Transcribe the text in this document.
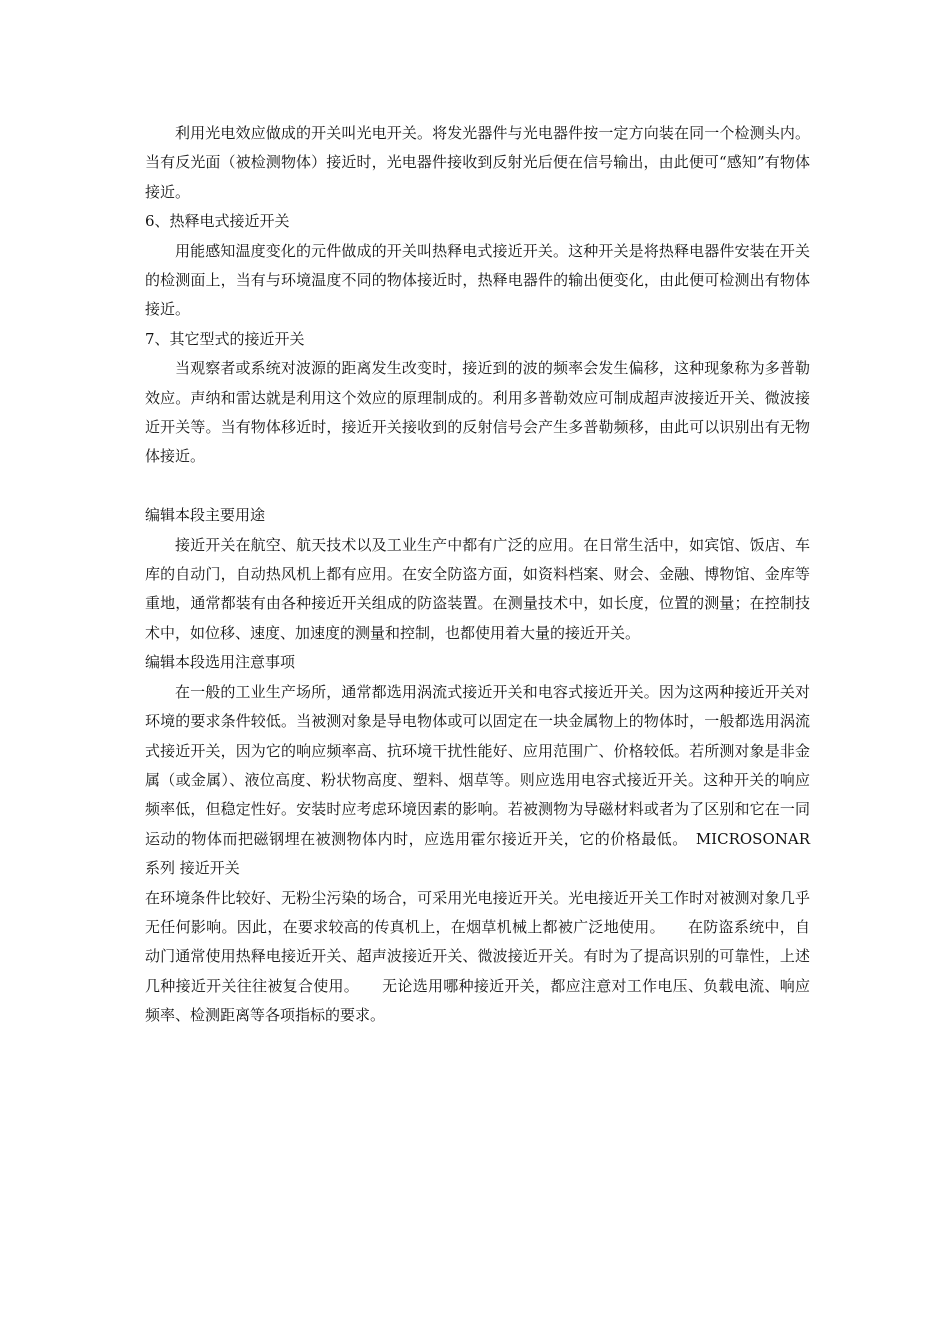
利用光电效应做成的开关叫光电开关。将发光器件与光电器件按一定方向装在同一个检测头内。当有反光面（被检测物体）接近时，光电器件接收到反射光后便在信号输出，由此便可“感知”有物体接近。

6、热释电式接近开关

用能感知温度变化的元件做成的开关叫热释电式接近开关。这种开关是将热释电器件安装在开关的检测面上，当有与环境温度不同的物体接近时，热释电器件的输出便变化，由此便可检测出有物体接近。

7、其它型式的接近开关

当观察者或系统对波源的距离发生改变时，接近到的波的频率会发生偏移，这种现象称为多普勒效应。声纳和雷达就是利用这个效应的原理制成的。利用多普勒效应可制成超声波接近开关、微波接近开关等。当有物体移近时，接近开关接收到的反射信号会产生多普勒频移，由此可以识别出有无物体接近。

编辑本段主要用途

接近开关在航空、航天技术以及工业生产中都有广泛的应用。在日常生活中，如宾馆、饭店、车库的自动门，自动热风机上都有应用。在安全防盗方面，如资料档案、财会、金融、博物馆、金库等重地，通常都装有由各种接近开关组成的防盗装置。在测量技术中，如长度，位置的测量；在控制技术中，如位移、速度、加速度的测量和控制，也都使用着大量的接近开关。

编辑本段选用注意事项

在一般的工业生产场所，通常都选用涡流式接近开关和电容式接近开关。因为这两种接近开关对环境的要求条件较低。当被测对象是导电物体或可以固定在一块金属物上的物体时，一般都选用涡流式接近开关，因为它的响应频率高、抗环境干扰性能好、应用范围广、价格较低。若所测对象是非金属（或金属）、液位高度、粉状物高度、塑料、烟草等。则应选用电容式接近开关。这种开关的响应频率低，但稳定性好。安装时应考虑环境因素的影响。若被测物为导磁材料或者为了区别和它在一同运动的物体而把磁钢埋在被测物体内时，应选用霍尔接近开关，它的价格最低。　MICROSONAR 系列 接近开关

在环境条件比较好、无粉尘污染的场合，可采用光电接近开关。光电接近开关工作时对被测对象几乎无任何影响。因此，在要求较高的传真机上，在烟草机械上都被广泛地使用。　　在防盗系统中，自动门通常使用热释电接近开关、超声波接近开关、微波接近开关。有时为了提高识别的可靠性，上述几种接近开关往往被复合使用。　　无论选用哪种接近开关，都应注意对工作电压、负载电流、响应频率、检测距离等各项指标的要求。
